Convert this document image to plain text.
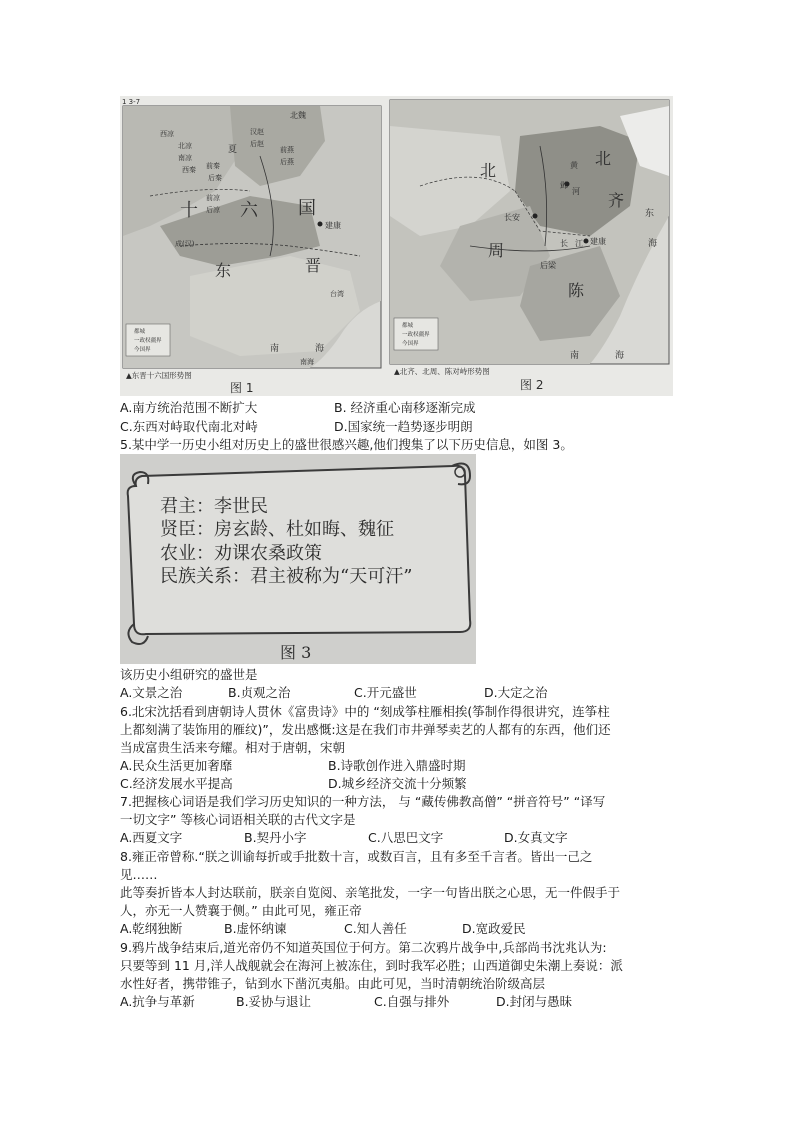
北魏
西凉
北凉
南凉
西秦
夏
汉赵
后赵
前燕
后燕
前秦
后秦
前凉
后凉
十 六 国
成(汉)
建康
东	晋
台湾
南	海
南海
都城
一政权疆界
今国界
▲东晋十六国形势图
图 1
北
北
黄
河
邺
齐
长安
周	长 江 建康
后梁
陈
东
海
南	海
都城
一政权疆界
今国界
▲北齐、北周、陈对峙形势图
图 2
1 3-7
A.南方统治范围不断扩大	B. 经济重心南移逐渐完成
C.东西对峙取代南北对峙	D.国家统一趋势逐步明朗
5.某中学一历史小组对历史上的盛世很感兴趣,他们搜集了以下历史信息，如图 3。
君主：李世民
贤臣：房玄龄、杜如晦、魏征
农业：劝课农桑政策
民族关系：君主被称为“天可汗”
图 3
该历史小组研究的盛世是
A.文景之治	B.贞观之治	C.开元盛世	D.大定之治
6.北宋沈括看到唐朝诗人贯休《富贵诗》中的 “刻成筝柱雁相挨(筝制作得很讲究，连筝柱
上都刻满了装饰用的雁纹)”，发出感慨:这是在我们市井弹琴卖艺的人都有的东西，他们还
当成富贵生活来夸耀。相对于唐朝，宋朝
A.民众生活更加奢靡	B.诗歌创作进入鼎盛时期
C.经济发展水平提高	D.城乡经济交流十分频繁
7.把握核心词语是我们学习历史知识的一种方法， 与 “藏传佛教高僧” “拼音符号” “译写
一切文字” 等核心词语相关联的古代文字是
A.西夏文字	B.契丹小字	C.八思巴文字	D.女真文字
8.雍正帝曾称.“朕之训谕每折或手批数十言，或数百言，且有多至千言者。皆出一己之
见……
此等奏折皆本人封达联前，朕亲自览阅、亲笔批发，一字一句皆出朕之心思，无一件假手于
人，亦无一人赞襄于侧。” 由此可见，雍正帝
A.乾纲独断	B.虚怀纳谏	C.知人善任	D.宽政爱民
9.鸦片战争结束后,道光帝仍不知道英国位于何方。第二次鸦片战争中,兵部尚书沈兆认为:
只要等到 11 月,洋人战舰就会在海河上被冻住，到时我军必胜；山西道御史朱潮上奏说：派
水性好者，携带锥子，钻到水下凿沉夷船。由此可见，当时清朝统治阶级高层
A.抗争与革新	B.妥协与退让	C.自强与排外	D.封闭与愚昧
